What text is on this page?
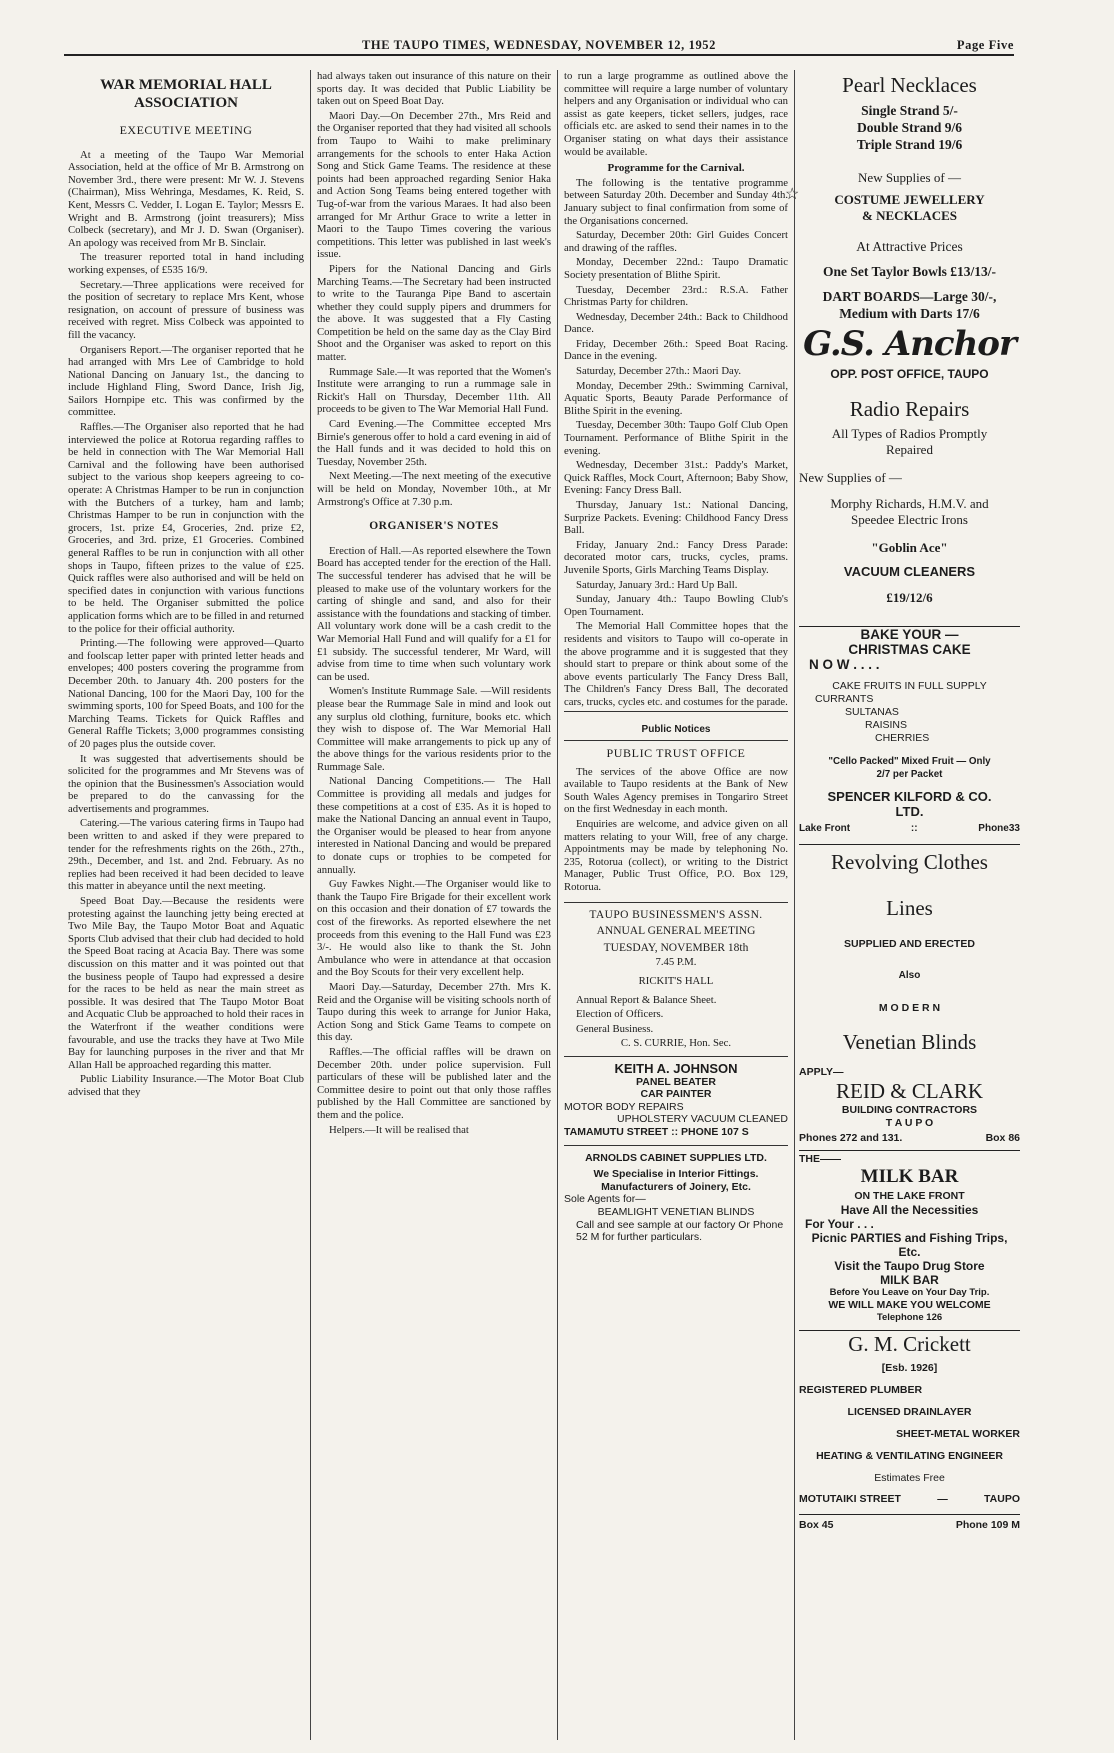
THE TAUPO TIMES, WEDNESDAY, NOVEMBER 12, 1952	Page Five

WAR MEMORIAL HALL

ASSOCIATION

EXECUTIVE MEETING

At a meeting of the Taupo War Memorial Association, held at the office of Mr B. Armstrong on November 3rd., there were present: Mr W. J. Stevens (Chairman), Miss Wehringa, Mesdames, K. Reid, S. Kent, Messrs C. Vedder, I. Logan E. Taylor; Messrs E. Wright and B. Armstrong (joint treasurers); Miss Colbeck (secretary), and Mr J. D. Swan (Organiser). An apology was received from Mr B. Sinclair.

The treasurer reported total in hand including working expenses, of £535 16/9.

Secretary.—Three applications were received for the position of secretary to replace Mrs Kent, whose resignation, on account of pressure of business was received with regret. Miss Colbeck was appointed to fill the vacancy.

Organisers Report.—The organiser reported that he had arranged with Mrs Lee of Cambridge to hold National Dancing on January 1st., the dancing to include Highland Fling, Sword Dance, Irish Jig, Sailors Hornpipe etc. This was confirmed by the committee.

Raffles.—The Organiser also reported that he had interviewed the police at Rotorua regarding raffles to be held in connection with The War Memorial Hall Carnival and the following have been authorised subject to the various shop keepers agreeing to co-operate: A Christmas Hamper to be run in conjunction with the Butchers of a turkey, ham and lamb; Christmas Hamper to be run in conjunction with the grocers, 1st. prize £4, Groceries, 2nd. prize £2, Groceries, and 3rd. prize, £1 Groceries. Combined general Raffles to be run in conjunction with all other shops in Taupo, fifteen prizes to the value of £25. Quick raffles were also authorised and will be held on specified dates in conjunction with various functions to be held. The Organiser submitted the police application forms which are to be filled in and returned to the police for their official authority.

Printing.—The following were approved—Quarto and foolscap letter paper with printed letter heads and envelopes; 400 posters covering the programme from December 20th. to January 4th. 200 posters for the National Dancing, 100 for the Maori Day, 100 for the swimming sports, 100 for Speed Boats, and 100 for the Marching Teams. Tickets for Quick Raffles and General Raffle Tickets; 3,000 programmes consisting of 20 pages plus the outside cover.

It was suggested that advertisements should be solicited for the programmes and Mr Stevens was of the opinion that the Businessmen's Association would be prepared to do the canvassing for the advertisements and programmes.

Catering.—The various catering firms in Taupo had been written to and asked if they were prepared to tender for the refreshments rights on the 26th., 27th., 29th., December, and 1st. and 2nd. February. As no replies had been received it had been decided to leave this matter in abeyance until the next meeting.

Speed Boat Day.—Because the residents were protesting against the launching jetty being erected at Two Mile Bay, the Taupo Motor Boat and Aquatic Sports Club advised that their club had decided to hold the Speed Boat racing at Acacia Bay. There was some discussion on this matter and it was pointed out that the business people of Taupo had expressed a desire for the races to be held as near the main street as possible. It was desired that The Taupo Motor Boat and Acquatic Club be approached to hold their races in the Waterfront if the weather conditions were favourable, and use the tracks they have at Two Mile Bay for launching purposes in the river and that Mr Allan Hall be approached regarding this matter.

Public Liability Insurance.—The Motor Boat Club advised that they

had always taken out insurance of this nature on their sports day. It was decided that Public Liability be taken out on Speed Boat Day.

Maori Day.—On December 27th., Mrs Reid and the Organiser reported that they had visited all schools from Taupo to Waihi to make preliminary arrangements for the schools to enter Haka Action Song and Stick Game Teams. The residence at these points had been approached regarding Senior Haka and Action Song Teams being entered together with Tug-of-war from the various Maraes. It had also been arranged for Mr Arthur Grace to write a letter in Maori to the Taupo Times covering the various competitions. This letter was published in last week's issue.

Pipers for the National Dancing and Girls Marching Teams.—The Secretary had been instructed to write to the Tauranga Pipe Band to ascertain whether they could supply pipers and drummers for the above. It was suggested that a Fly Casting Competition be held on the same day as the Clay Bird Shoot and the Organiser was asked to report on this matter.

Rummage Sale.—It was reported that the Women's Institute were arranging to run a rummage sale in Rickit's Hall on Thursday, December 11th. All proceeds to be given to The War Memorial Hall Fund.

Card Evening.—The Committee eccepted Mrs Birnie's generous offer to hold a card evening in aid of the Hall funds and it was decided to hold this on Tuesday, November 25th.

Next Meeting.—The next meeting of the executive will be held on Monday, November 10th., at Mr Armstrong's Office at 7.30 p.m.

ORGANISER'S NOTES

Erection of Hall.—As reported elsewhere the Town Board has accepted tender for the erection of the Hall. The successful tenderer has advised that he will be pleased to make use of the voluntary workers for the carting of shingle and sand, and also for their assistance with the foundations and stacking of timber. All voluntary work done will be a cash credit to the War Memorial Hall Fund and will qualify for a £1 for £1 subsidy. The successful tenderer, Mr Ward, will advise from time to time when such voluntary work can be used.

Women's Institute Rummage Sale. —Will residents please bear the Rummage Sale in mind and look out any surplus old clothing, furniture, books etc. which they wish to dispose of. The War Memorial Hall Committee will make arrangements to pick up any of the above things for the various residents prior to the Rummage Sale.

National Dancing Competitions.— The Hall Committee is providing all medals and judges for these competitions at a cost of £35. As it is hoped to make the National Dancing an annual event in Taupo, the Organiser would be pleased to hear from anyone interested in National Dancing and would be prepared to donate cups or trophies to be competed for annually.

Guy Fawkes Night.—The Organiser would like to thank the Taupo Fire Brigade for their excellent work on this occasion and their donation of £7 towards the cost of the fireworks. As reported elsewhere the net proceeds from this evening to the Hall Fund was £23 3/-. He would also like to thank the St. John Ambulance who were in attendance at that occasion and the Boy Scouts for their very excellent help.

Maori Day.—Saturday, December 27th. Mrs K. Reid and the Organise will be visiting schools north of Taupo during this week to arrange for Junior Haka, Action Song and Stick Game Teams to compete on this day.

Raffles.—The official raffles will be drawn on December 20th. under police supervision. Full particulars of these will be published later and the Committee desire to point out that only those raffles published by the Hall Committee are sanctioned by them and the police.

Helpers.—It will be realised that

to run a large programme as outlined above the committee will require a large number of voluntary helpers and any Organisation or individual who can assist as gate keepers, ticket sellers, judges, race officials etc. are asked to send their names in to the Organiser stating on what days their assistance would be available.

Programme for the Carnival.

The following is the tentative programme between Saturday 20th. December and Sunday 4th. January subject to final confirmation from some of the Organisations concerned.

Saturday, December 20th: Girl Guides Concert and drawing of the raffles.

Monday, December 22nd.: Taupo Dramatic Society presentation of Blithe Spirit.

Tuesday, December 23rd.: R.S.A. Father Christmas Party for children.

Wednesday, December 24th.: Back to Childhood Dance.

Friday, December 26th.: Speed Boat Racing. Dance in the evening.

Saturday, December 27th.: Maori Day.

Monday, December 29th.: Swimming Carnival, Aquatic Sports, Beauty Parade Performance of Blithe Spirit in the evening.

Tuesday, December 30th: Taupo Golf Club Open Tournament. Performance of Blithe Spirit in the evening.

Wednesday, December 31st.: Paddy's Market, Quick Raffles, Mock Court, Afternoon; Baby Show, Evening: Fancy Dress Ball.

Thursday, January 1st.: National Dancing, Surprize Packets. Evening: Childhood Fancy Dress Ball.

Friday, January 2nd.: Fancy Dress Parade: decorated motor cars, trucks, cycles, prams. Juvenile Sports, Girls Marching Teams Display.

Saturday, January 3rd.: Hard Up Ball.

Sunday, January 4th.: Taupo Bowling Club's Open Tournament.

The Memorial Hall Committee hopes that the residents and visitors to Taupo will co-operate in the above programme and it is suggested that they should start to prepare or think about some of the above events particularly The Fancy Dress Ball, The Children's Fancy Dress Ball, The decorated cars, trucks, cycles etc. and costumes for the parade.

Public Notices
PUBLIC TRUST OFFICE

The services of the above Office are now available to Taupo residents at the Bank of New South Wales Agency premises in Tongariro Street on the first Wednesday in each month.

Enquiries are welcome, and advice given on all matters relating to your Will, free of any charge. Appointments may be made by telephoning No. 235, Rotorua (collect), or writing to the District Manager, Public Trust Office, P.O. Box 129, Rotorua.

TAUPO BUSINESSMEN'S ASSN.

ANNUAL GENERAL MEETING

TUESDAY, NOVEMBER 18th

7.45 P.M.

RICKIT'S HALL

Annual Report & Balance Sheet.

Election of Officers.

General Business.

C. S. CURRIE, Hon. Sec.

KEITH A. JOHNSON
PANEL BEATER
CAR PAINTER
MOTOR BODY REPAIRS
UPHOLSTERY VACUUM CLEANED
TAMAMUTU STREET :: PHONE 107 S
ARNOLDS CABINET SUPPLIES LTD.
We Specialise in Interior Fittings.
Manufacturers of Joinery, Etc.
Sole Agents for—
BEAMLIGHT VENETIAN BLINDS
Call and see sample at our factory Or Phone 52 M for further particulars.
☆
Pearl Necklaces
Single Strand 5/-
Double Strand 9/6
Triple Strand 19/6
New Supplies of —
COSTUME JEWELLERY
& NECKLACES
At Attractive Prices
One Set Taylor Bowls £13/13/-
DART BOARDS—Large 30/-,
Medium with Darts 17/6
G.S. Anchor
OPP. POST OFFICE, TAUPO
Radio Repairs
All Types of Radios Promptly
Repaired
New Supplies of —
Morphy Richards, H.M.V. and
Speedee Electric Irons
"Goblin Ace"
VACUUM CLEANERS
£19/12/6
BAKE YOUR —
CHRISTMAS CAKE
N O W . . . .
CAKE FRUITS IN FULL SUPPLY
CURRANTS
SULTANAS
RAISINS
CHERRIES
"Cello Packed" Mixed Fruit — Only
2/7 per Packet
SPENCER KILFORD & CO.
LTD.
Lake Front	::	Phone33
Revolving Clothes
Lines
SUPPLIED AND ERECTED
Also
M O D E R N
Venetian Blinds
APPLY—
REID & CLARK
BUILDING CONTRACTORS
T A U P O
Phones 272 and 131.	Box 86
THE——
MILK BAR
ON THE LAKE FRONT
Have All the Necessities
For Your . . .
Picnic PARTIES and Fishing Trips, Etc.
Visit the Taupo Drug Store
MILK BAR
Before You Leave on Your Day Trip.
WE WILL MAKE YOU WELCOME
Telephone 126
G. M. Crickett
[Esb. 1926]
REGISTERED PLUMBER
LICENSED DRAINLAYER
SHEET-METAL WORKER
HEATING & VENTILATING ENGINEER
Estimates Free
MOTUTAIKI STREET	—	TAUPO
Box 45	Phone 109 M
